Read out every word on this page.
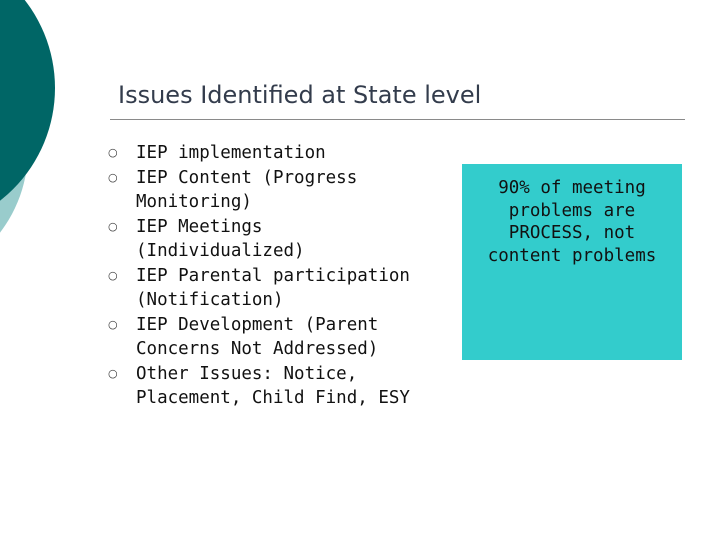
Issues Identified at State level
○	IEP implementation
○	IEP Content (Progress Monitoring)
○	IEP Meetings (Individualized)
○	IEP Parental participation (Notification)
○	IEP Development (Parent Concerns Not Addressed)
○	Other Issues: Notice, Placement, Child Find, ESY
90% of meeting problems are PROCESS, not content problems
